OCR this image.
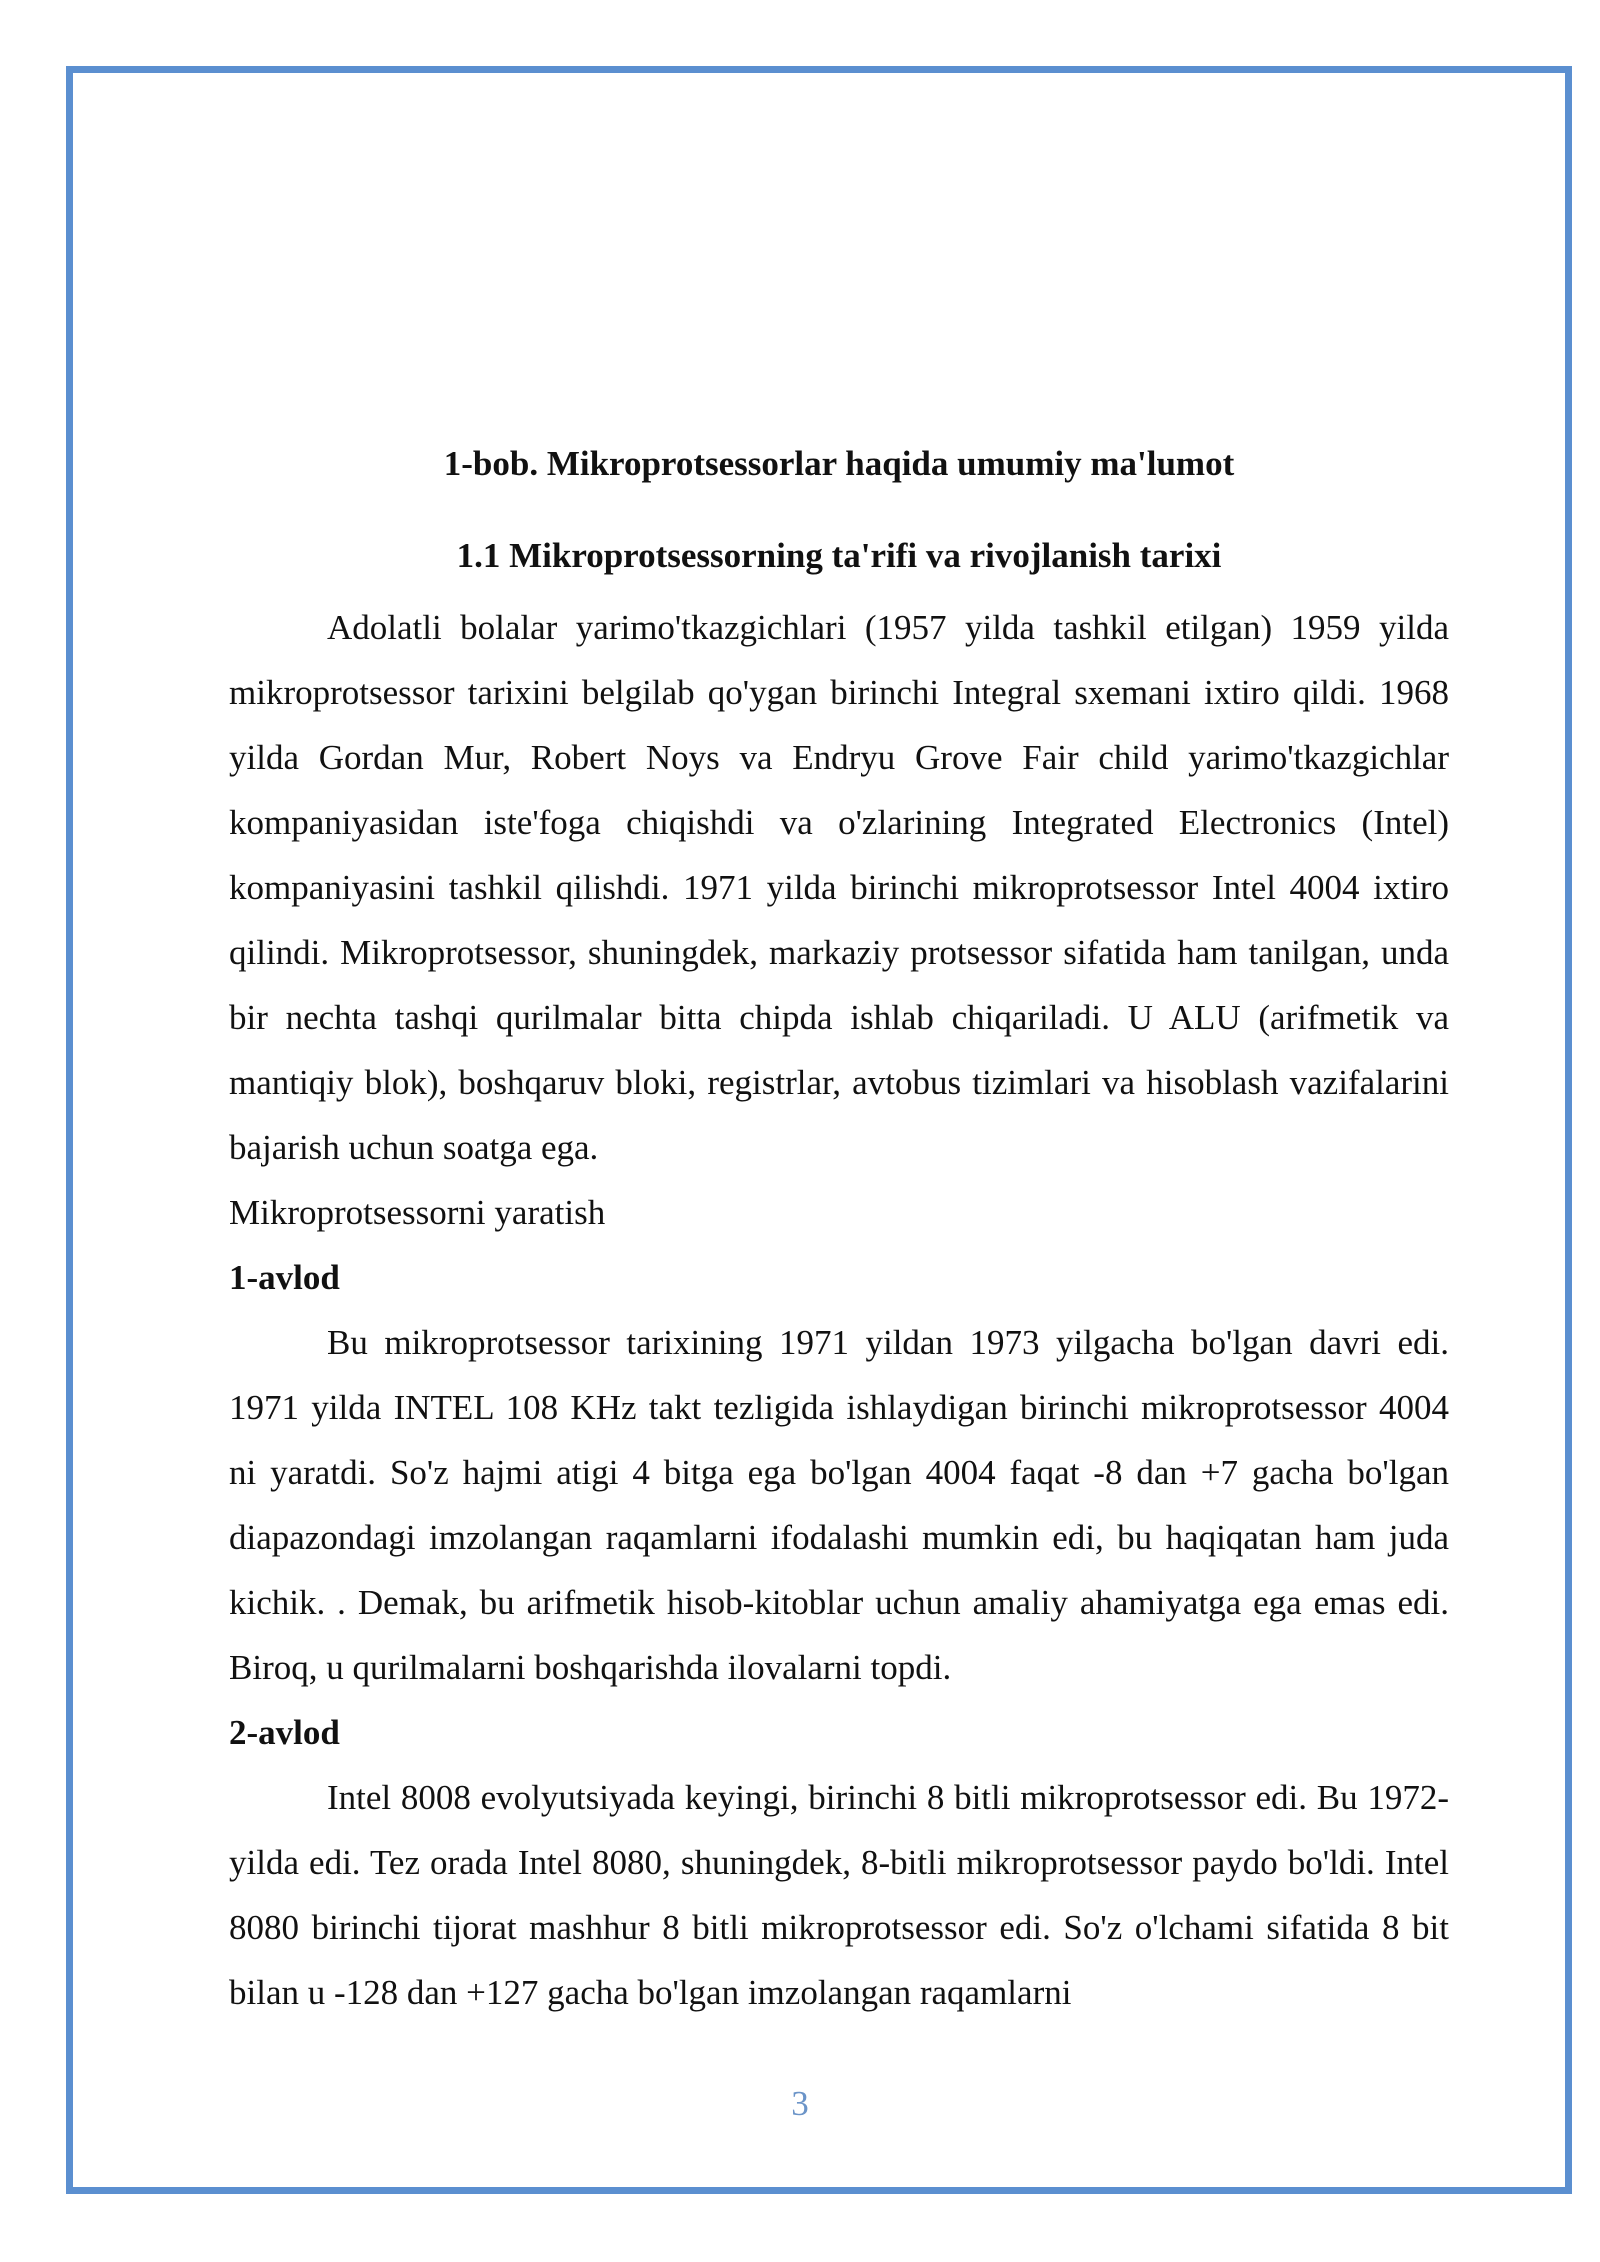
1-bob. Mikroprotsessorlar haqida umumiy ma'lumot
1.1 Mikroprotsessorning ta'rifi va rivojlanish tarixi

Adolatli bolalar yarimo'tkazgichlari (1957 yilda tashkil etilgan) 1959 yilda mikroprotsessor tarixini belgilab qo'ygan birinchi Integral sxemani ixtiro qildi. 1968 yilda Gordan Mur, Robert Noys va Endryu Grove Fair child yarimo'tkazgichlar kompaniyasidan iste'foga chiqishdi va o'zlarining Integrated Electronics (Intel) kompaniyasini tashkil qilishdi. 1971 yilda birinchi mikroprotsessor Intel 4004 ixtiro qilindi. Mikroprotsessor, shuningdek, markaziy protsessor sifatida ham tanilgan, unda bir nechta tashqi qurilmalar bitta chipda ishlab chiqariladi. U ALU (arifmetik va mantiqiy blok), boshqaruv bloki, registrlar, avtobus tizimlari va hisoblash vazifalarini bajarish uchun soatga ega.

Mikroprotsessorni yaratish

1-avlod

Bu mikroprotsessor tarixining 1971 yildan 1973 yilgacha bo'lgan davri edi. 1971 yilda INTEL 108 KHz takt tezligida ishlaydigan birinchi mikroprotsessor 4004 ni yaratdi. So'z hajmi atigi 4 bitga ega bo'lgan 4004 faqat -8 dan +7 gacha bo'lgan diapazondagi imzolangan raqamlarni ifodalashi mumkin edi, bu haqiqatan ham juda kichik. . Demak, bu arifmetik hisob-kitoblar uchun amaliy ahamiyatga ega emas edi. Biroq, u qurilmalarni boshqarishda ilovalarni topdi.

2-avlod

Intel 8008 evolyutsiyada keyingi, birinchi 8 bitli mikroprotsessor edi. Bu 1972-yilda edi. Tez orada Intel 8080, shuningdek, 8-bitli mikroprotsessor paydo bo'ldi. Intel 8080 birinchi tijorat mashhur 8 bitli mikroprotsessor edi. So'z o'lchami sifatida 8 bit bilan u -128 dan +127 gacha bo'lgan imzolangan raqamlarni

3
